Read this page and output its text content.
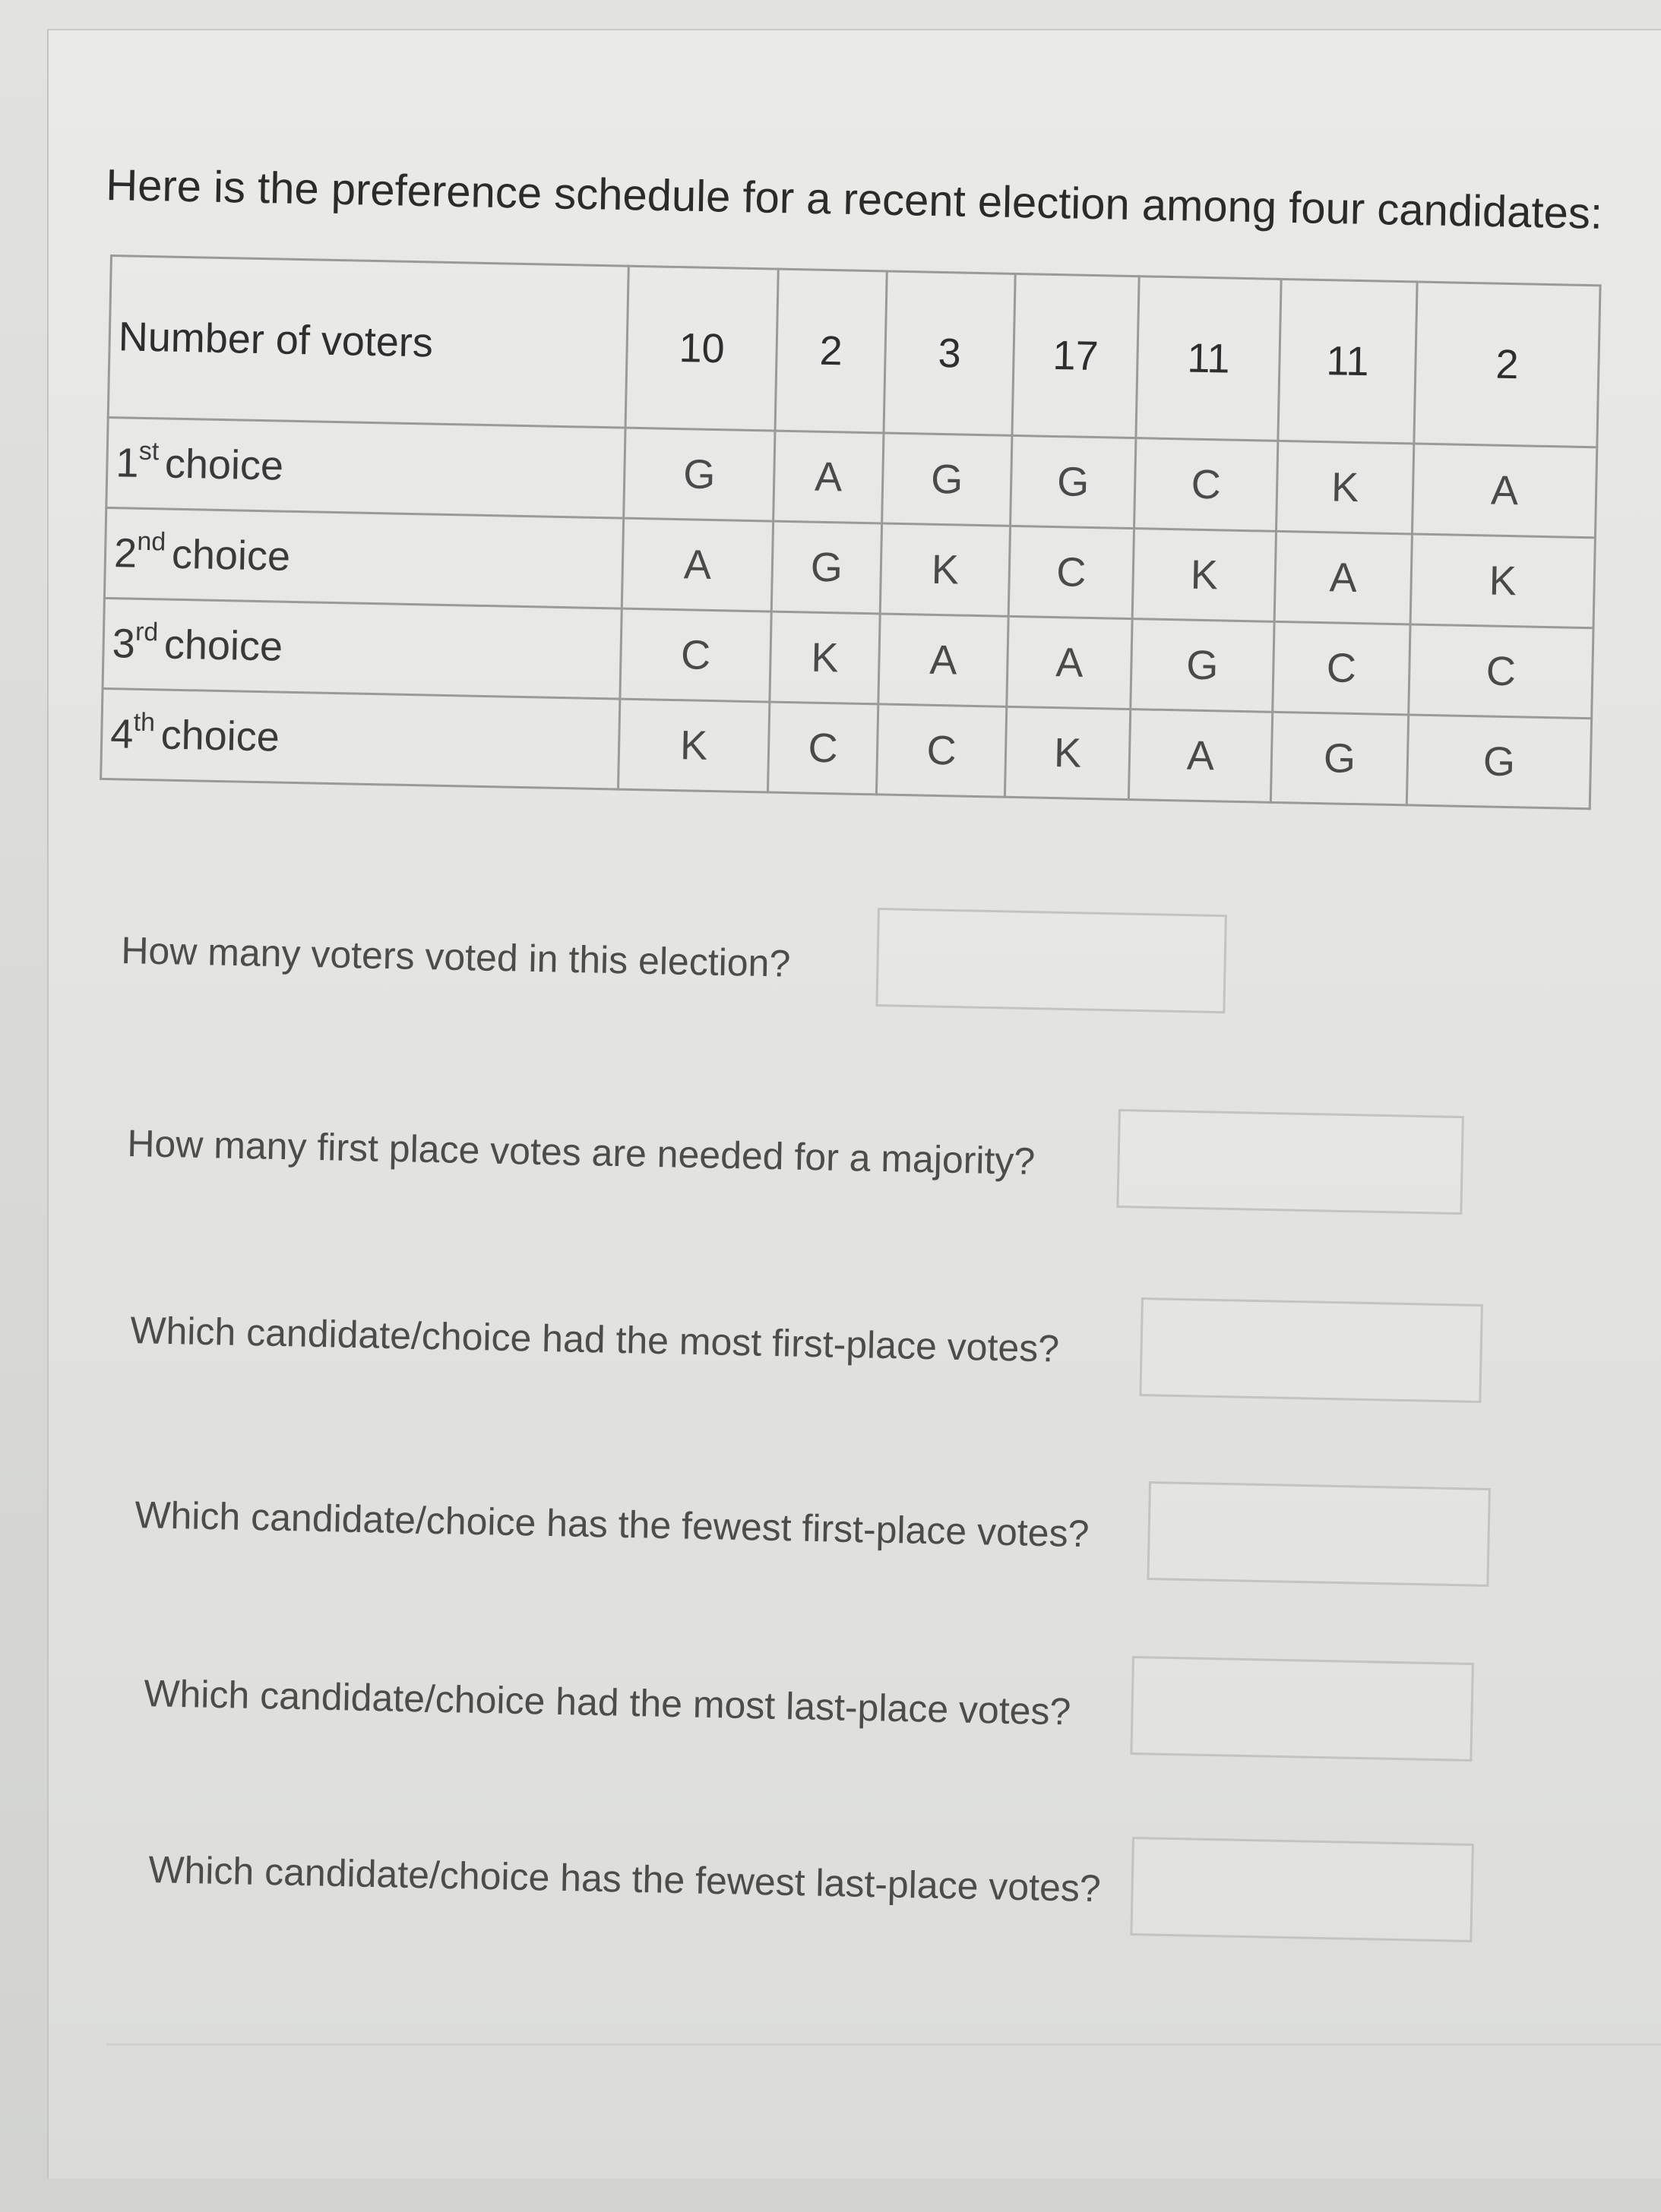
Here is the preference schedule for a recent election among four candidates:
Number of voters	10	2	3	17	11	11	2
1st choice	G	A	G	G	C	K	A
2nd choice	A	G	K	C	K	A	K
3rd choice	C	K	A	A	G	C	C
4th choice	K	C	C	K	A	G	G
How many voters voted in this election?
How many first place votes are needed for a majority?
Which candidate/choice had the most first-place votes?
Which candidate/choice has the fewest first-place votes?
Which candidate/choice had the most last-place votes?
Which candidate/choice has the fewest last-place votes?
